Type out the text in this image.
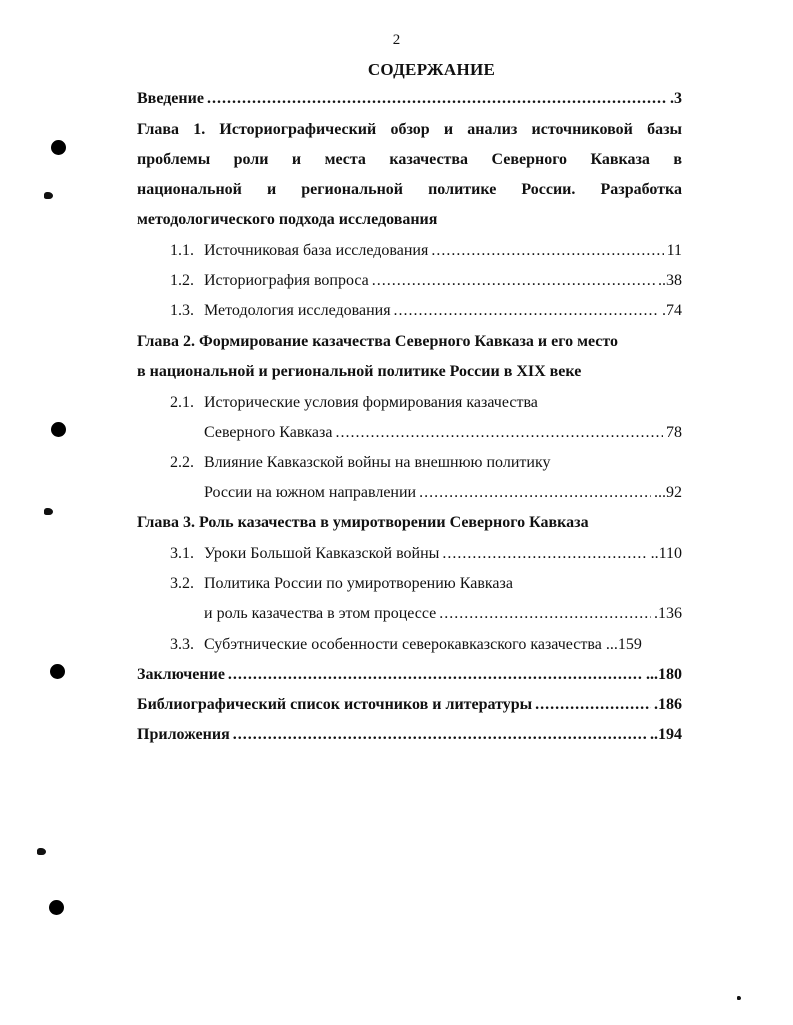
2
СОДЕРЖАНИЕ
Введение .....	.3
Глава 1. Историографический обзор и анализ источниковой базы
проблемы роли и места казачества Северного Кавказа в
национальной и региональной политике России. Разработка
методологического подхода исследования
1.1. Источниковая база исследования .....	11
1.2. Историография вопроса .....	..38
1.3. Методология исследования .....	.74
Глава 2. Формирование казачества Северного Кавказа и его место
в национальной и региональной политике России в XIX веке
2.1. Исторические условия формирования казачества
Северного Кавказа .....	78
2.2. Влияние Кавказской войны на внешнюю политику
России на южном направлении .....	...92
Глава 3. Роль казачества в умиротворении Северного Кавказа
3.1. Уроки Большой Кавказской войны .....	..110
3.2. Политика России по умиротворению Кавказа
и роль казачества в этом процессе .....	.136
3.3. Субэтнические особенности северокавказского казачества ...159
Заключение .....	...180
Библиографический список источников и литературы .....	.186
Приложения .....	..194
